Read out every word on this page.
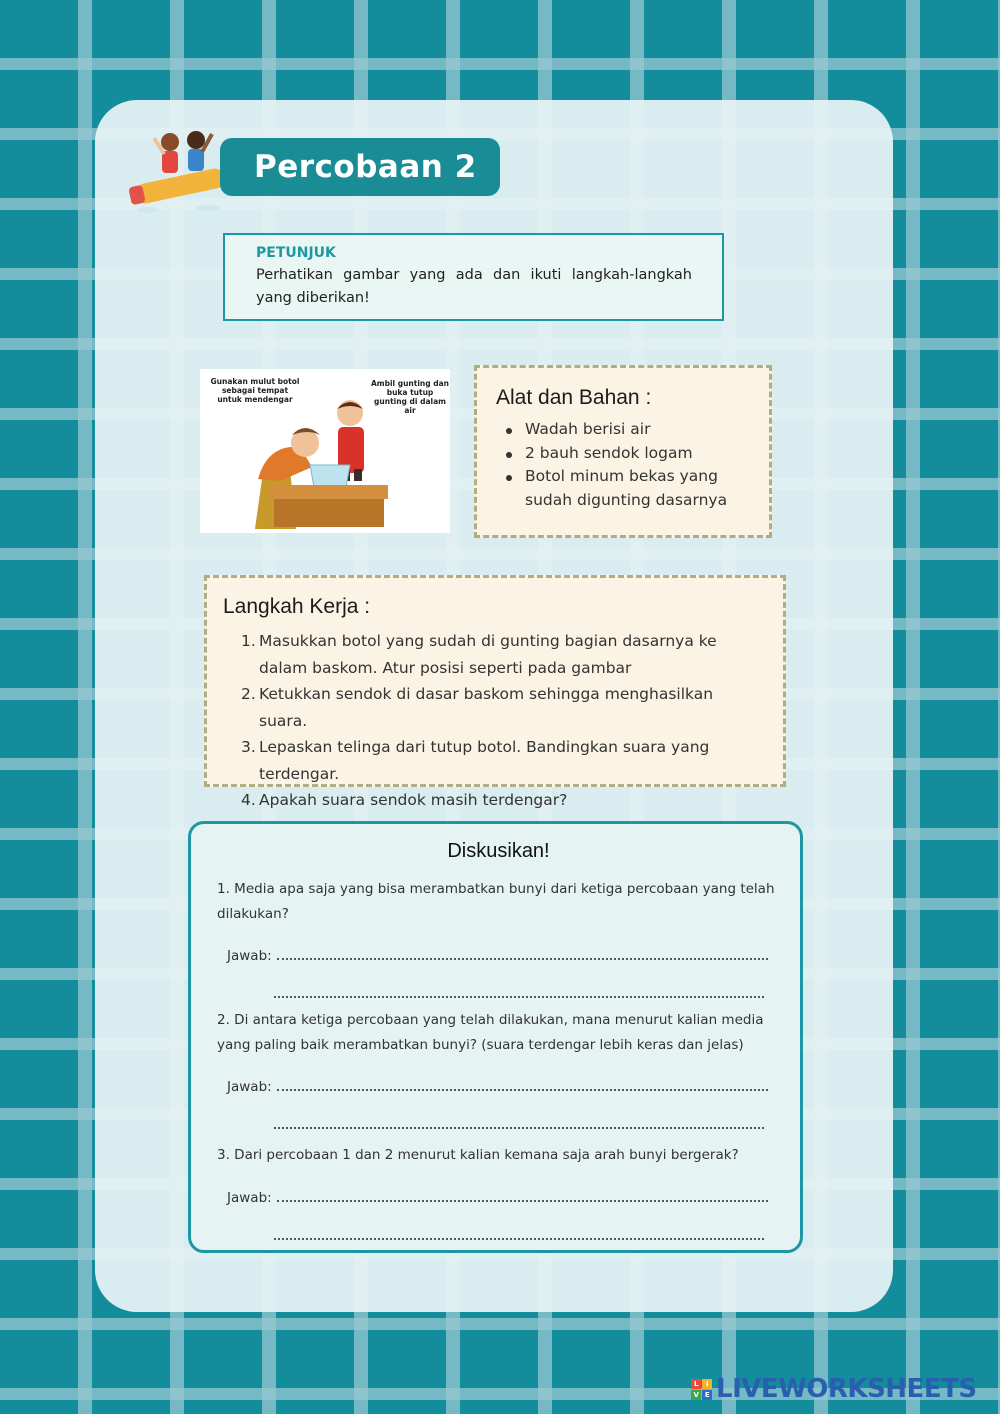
Percobaan 2
PETUNJUK
Perhatikan gambar yang ada dan ikuti langkah-langkah yang diberikan!
Gunakan mulut botol sebagai tempat untuk mendengar
Ambil gunting dan buka tutup gunting di dalam air
Alat dan Bahan :
Wadah berisi air
2 bauh sendok logam
Botol minum bekas yang sudah digunting dasarnya
Langkah Kerja :
1. Masukkan botol yang sudah di gunting bagian dasarnya ke dalam baskom. Atur posisi seperti pada gambar
2. Ketukkan sendok di dasar baskom sehingga menghasilkan suara.
3. Lepaskan telinga dari tutup botol. Bandingkan suara yang terdengar.
4. Apakah suara sendok masih terdengar?
Diskusikan!
1. Media apa saja yang bisa merambatkan bunyi dari ketiga percobaan yang telah dilakukan?
Jawab:
2. Di antara ketiga percobaan yang telah dilakukan, mana menurut kalian media yang paling baik merambatkan bunyi? (suara terdengar lebih keras dan jelas)
Jawab:
3. Dari percobaan 1 dan 2 menurut kalian kemana saja arah bunyi bergerak?
Jawab:
L	I
V E LIVEWORKSHEETS
